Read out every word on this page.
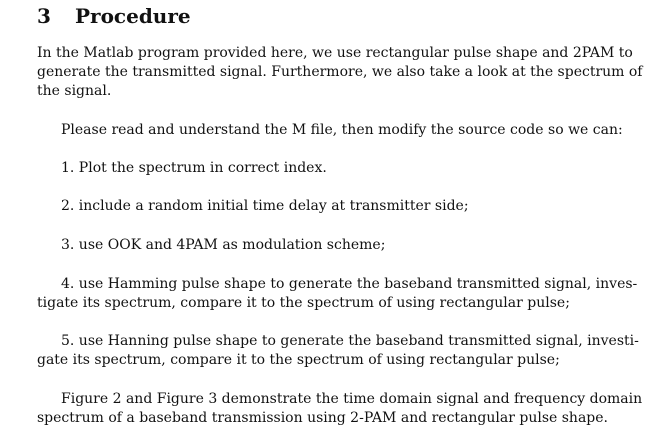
3 Procedure
In the Matlab program provided here, we use rectangular pulse shape and 2PAM to
generate the transmitted signal. Furthermore, we also take a look at the spectrum of
the signal.
Please read and understand the M file, then modify the source code so we can:
1. Plot the spectrum in correct index.
2. include a random initial time delay at transmitter side;
3. use OOK and 4PAM as modulation scheme;
4. use Hamming pulse shape to generate the baseband transmitted signal, inves-
tigate its spectrum, compare it to the spectrum of using rectangular pulse;
5. use Hanning pulse shape to generate the baseband transmitted signal, investi-
gate its spectrum, compare it to the spectrum of using rectangular pulse;
Figure 2 and Figure 3 demonstrate the time domain signal and frequency domain
spectrum of a baseband transmission using 2-PAM and rectangular pulse shape.
